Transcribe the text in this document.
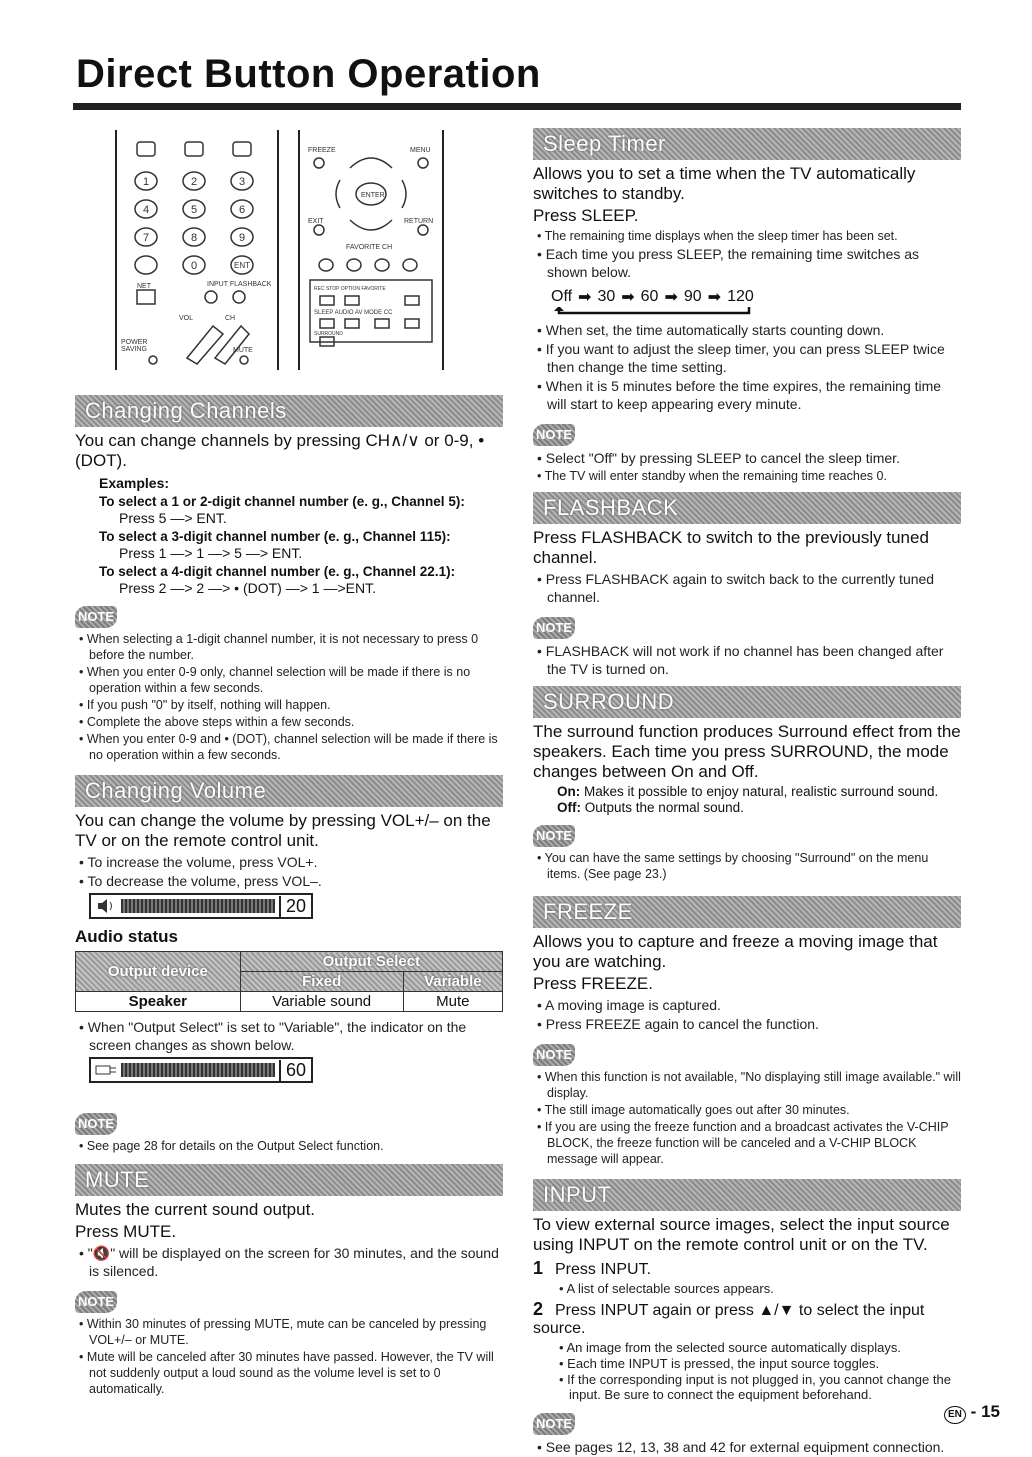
Direct Button Operation
1	2	3
4	5	6
7	8	9
0	ENT
NET	INPUT FLASHBACK
VOL	CH
POWER
SAVING	MUTE
FREEZE	MENU
ENTER
EXIT	RETURN
FAVORITE CH
REC STOP OPTION FAVORITE
SLEEP AUDIO AV MODE CC
SURROUND
Changing Channels

You can change channels by pressing CH∧/∨ or 0-9, • (DOT).

Examples:
To select a 1 or 2-digit channel number (e. g., Channel 5):
Press 5 —> ENT.
To select a 3-digit channel number (e. g., Channel 115):
Press 1 —> 1 —> 5 —> ENT.
To select a 4-digit channel number (e. g., Channel 22.1):
Press 2 —> 2 —> • (DOT) —> 1 —>ENT.
NOTE
• When selecting a 1-digit channel number, it is not necessary to press 0 before the number.
• When you enter 0-9 only, channel selection will be made if there is no operation within a few seconds.
• If you push "0" by itself, nothing will happen.
• Complete the above steps within a few seconds.
• When you enter 0-9 and • (DOT), channel selection will be made if there is no operation within a few seconds.
Changing Volume

You can change the volume by pressing VOL+/– on the TV or on the remote control unit.

• To increase the volume, press VOL+.
• To decrease the volume, press VOL–.
20
Audio status
Output device	Output Select	
	Fixed	Variable
Speaker	Variable sound	Mute
• When "Output Select" is set to "Variable", the indicator on the screen changes as shown below.
60
NOTE
• See page 28 for details on the Output Select function.
MUTE

Mutes the current sound output.

Press MUTE.

• "🔇" will be displayed on the screen for 30 minutes, and the sound is silenced.
NOTE
• Within 30 minutes of pressing MUTE, mute can be canceled by pressing VOL+/– or MUTE.
• Mute will be canceled after 30 minutes have passed. However, the TV will not suddenly output a loud sound as the volume level is set to 0 automatically.
Sleep Timer

Allows you to set a time when the TV automatically switches to standby.

Press SLEEP.

• The remaining time displays when the sleep timer has been set.
• Each time you press SLEEP, the remaining time switches as shown below.
Off ➡ 30 ➡ 60 ➡ 90 ➡ 120
• When set, the time automatically starts counting down.
• If you want to adjust the sleep timer, you can press SLEEP twice then change the time setting.
• When it is 5 minutes before the time expires, the remaining time will start to keep appearing every minute.
NOTE
• Select "Off" by pressing SLEEP to cancel the sleep timer.
• The TV will enter standby when the remaining time reaches 0.
FLASHBACK

Press FLASHBACK to switch to the previously tuned channel.

• Press FLASHBACK again to switch back to the currently tuned channel.
NOTE
• FLASHBACK will not work if no channel has been changed after the TV is turned on.
SURROUND

The surround function produces Surround effect from the speakers. Each time you press SURROUND, the mode changes between On and Off.

On: Makes it possible to enjoy natural, realistic surround sound.
Off: Outputs the normal sound.
NOTE
• You can have the same settings by choosing "Surround" on the menu items. (See page 23.)
FREEZE

Allows you to capture and freeze a moving image that you are watching.

Press FREEZE.

• A moving image is captured.
• Press FREEZE again to cancel the function.
NOTE
• When this function is not available, "No displaying still image available." will display.
• The still image automatically goes out after 30 minutes.
• If you are using the freeze function and a broadcast activates the V-CHIP BLOCK, the freeze function will be canceled and a V-CHIP BLOCK message will appear.
INPUT

To view external source images, select the input source using INPUT on the remote control unit or on the TV.

1 Press INPUT.
• A list of selectable sources appears.
2 Press INPUT again or press ▲/▼ to select the input source.
• An image from the selected source automatically displays.
• Each time INPUT is pressed, the input source toggles.
• If the corresponding input is not plugged in, you cannot change the input. Be sure to connect the equipment beforehand.
NOTE
• See pages 12, 13, 38 and 42 for external equipment connection.
EN - 15
